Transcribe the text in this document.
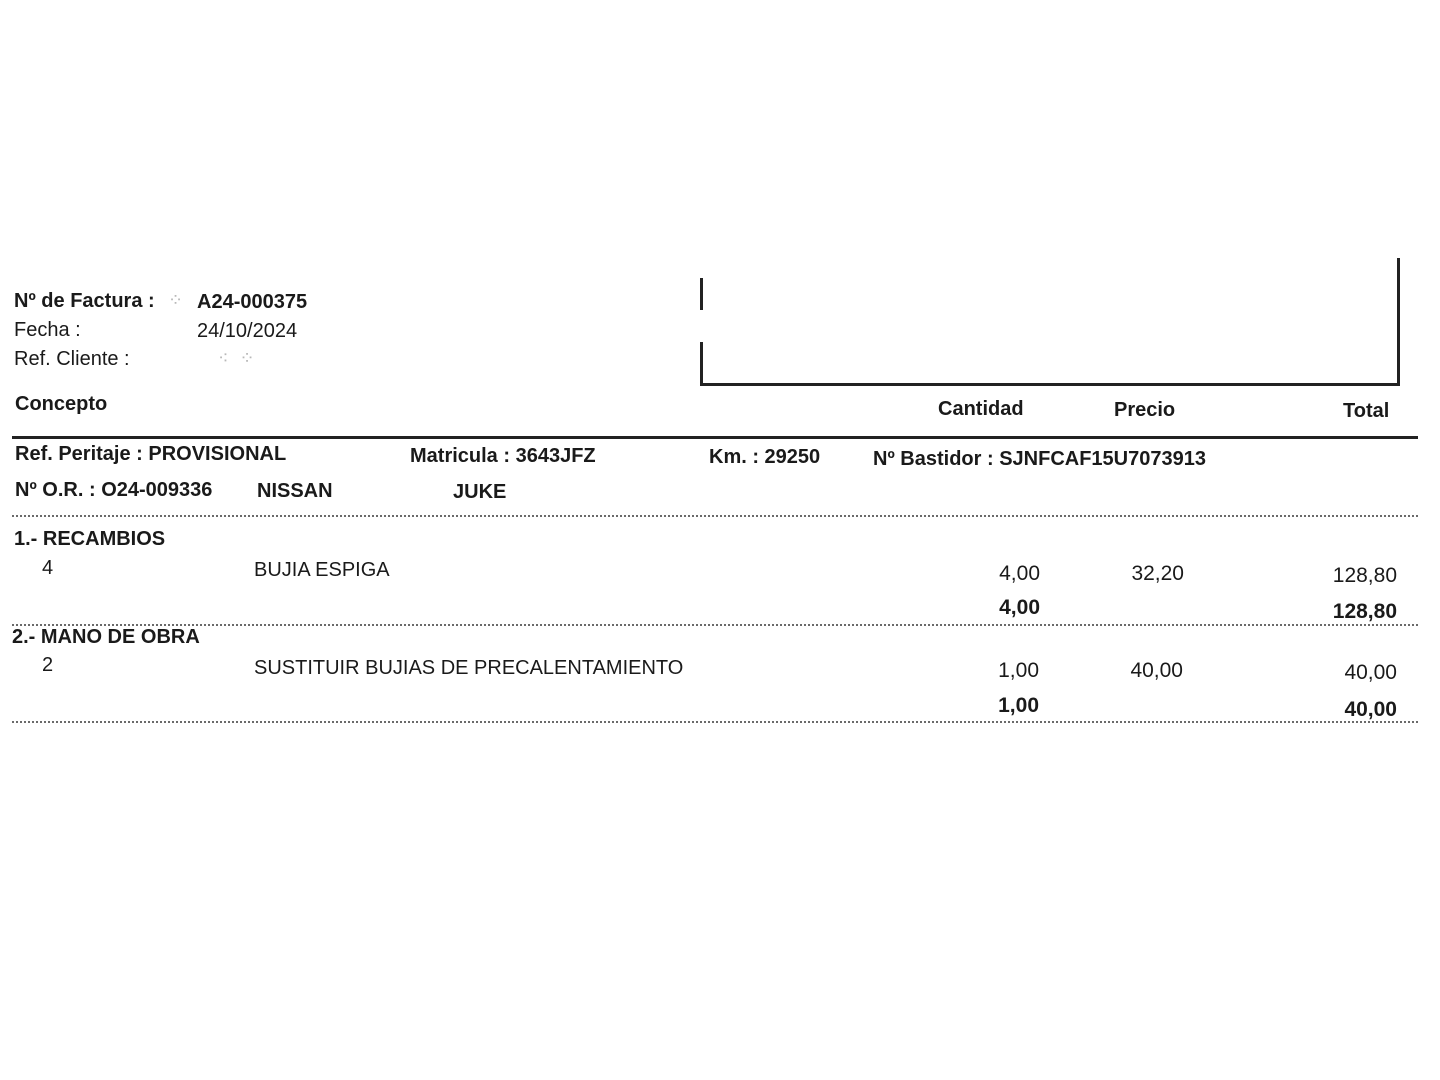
Nº de Factura : A24-000375
Fecha :	24/10/2024
Ref. Cliente :
⁘
⁖ ⁘
Concepto	Cantidad	Precio	Total
Ref. Peritaje : PROVISIONAL	Matricula : 3643JFZ	Km. : 29250	Nº Bastidor : SJNFCAF15U7073913
Nº O.R. : O24-009336 NISSAN	JUKE
1.- RECAMBIOS
4	BUJIA ESPIGA	4,00	32,20	128,80
4,00	128,80
2.- MANO DE OBRA
2	SUSTITUIR BUJIAS DE PRECALENTAMIENTO	1,00	40,00	40,00
1,00	40,00
